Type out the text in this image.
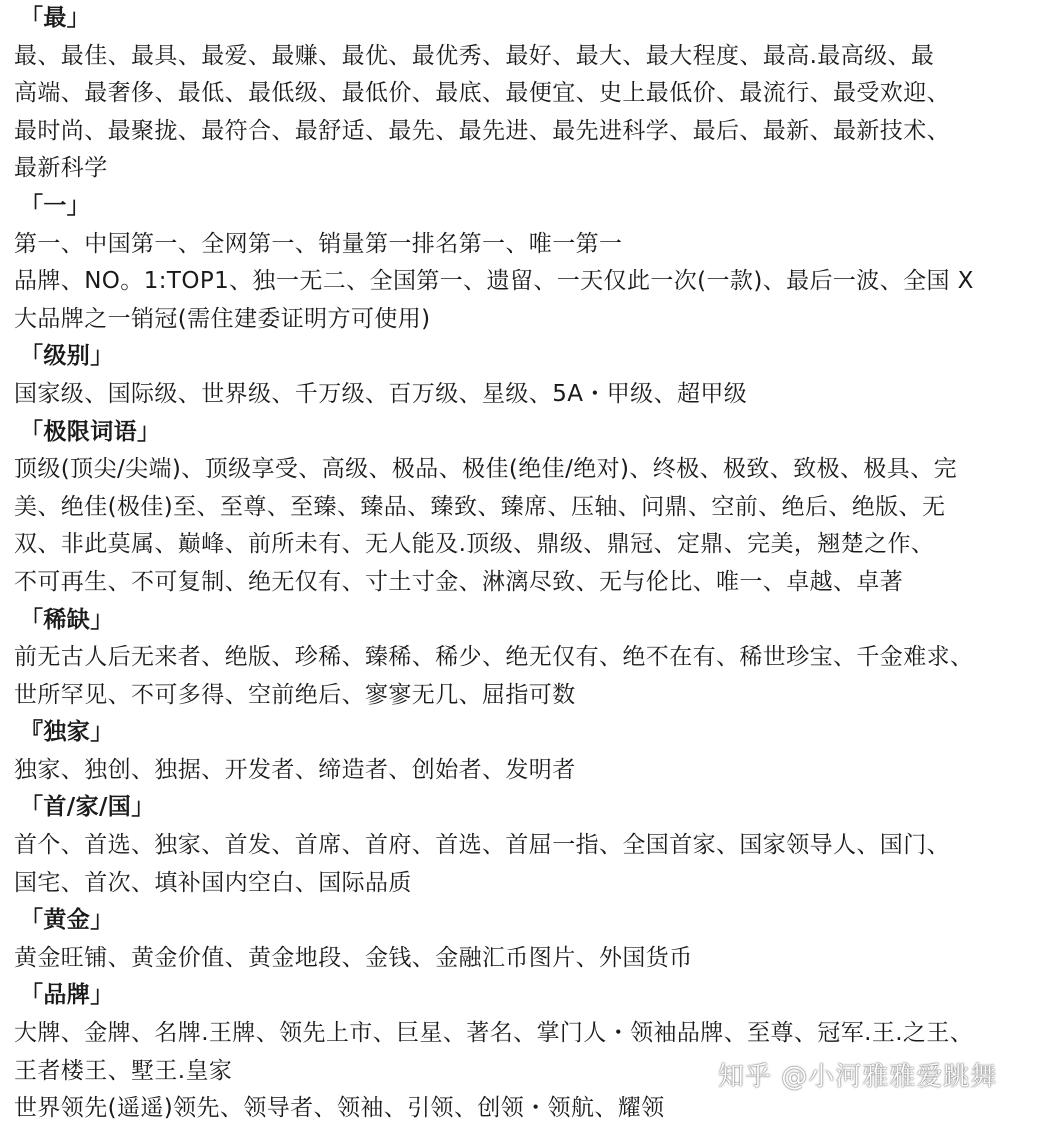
「最」
最、最佳、最具、最爱、最赚、最优、最优秀、最好、最大、最大程度、最高.最高级、最
高端、最奢侈、最低、最低级、最低价、最底、最便宜、史上最低价、最流行、最受欢迎、
最时尚、最聚拢、最符合、最舒适、最先、最先进、最先进科学、最后、最新、最新技术、
最新科学
「一」
第一、中国第一、全网第一、销量第一排名第一、唯一第一
品牌、NO。1:TOP1、独一无二、全国第一、遗留、一天仅此一次(一款)、最后一波、全国 X
大品牌之一销冠(需住建委证明方可使用)
「级别」
国家级、国际级、世界级、千万级、百万级、星级、5A・甲级、超甲级
「极限词语」
顶级(顶尖/尖端)、顶级享受、高级、极品、极佳(绝佳/绝对)、终极、极致、致极、极具、完
美、绝佳(极佳)至、至尊、至臻、臻品、臻致、臻席、压轴、问鼎、空前、绝后、绝版、无
双、非此莫属、巅峰、前所未有、无人能及.顶级、鼎级、鼎冠、定鼎、完美，翘楚之作、
不可再生、不可复制、绝无仅有、寸土寸金、淋漓尽致、无与伦比、唯一、卓越、卓著
「稀缺」
前无古人后无来者、绝版、珍稀、臻稀、稀少、绝无仅有、绝不在有、稀世珍宝、千金难求、
世所罕见、不可多得、空前绝后、寥寥无几、屈指可数
『独家」
独家、独创、独据、开发者、缔造者、创始者、发明者
「首/家/国」
首个、首选、独家、首发、首席、首府、首选、首屈一指、全国首家、国家领导人、国门、
国宅、首次、填补国内空白、国际品质
「黄金」
黄金旺铺、黄金价值、黄金地段、金钱、金融汇币图片、外国货币
「品牌」
大牌、金牌、名牌.王牌、领先上市、巨星、著名、掌门人・领袖品牌、至尊、冠军.王.之王、
王者楼王、墅王.皇家
世界领先(遥遥)领先、领导者、领袖、引领、创领・领航、耀领
知乎 @小河雅雅爱跳舞
